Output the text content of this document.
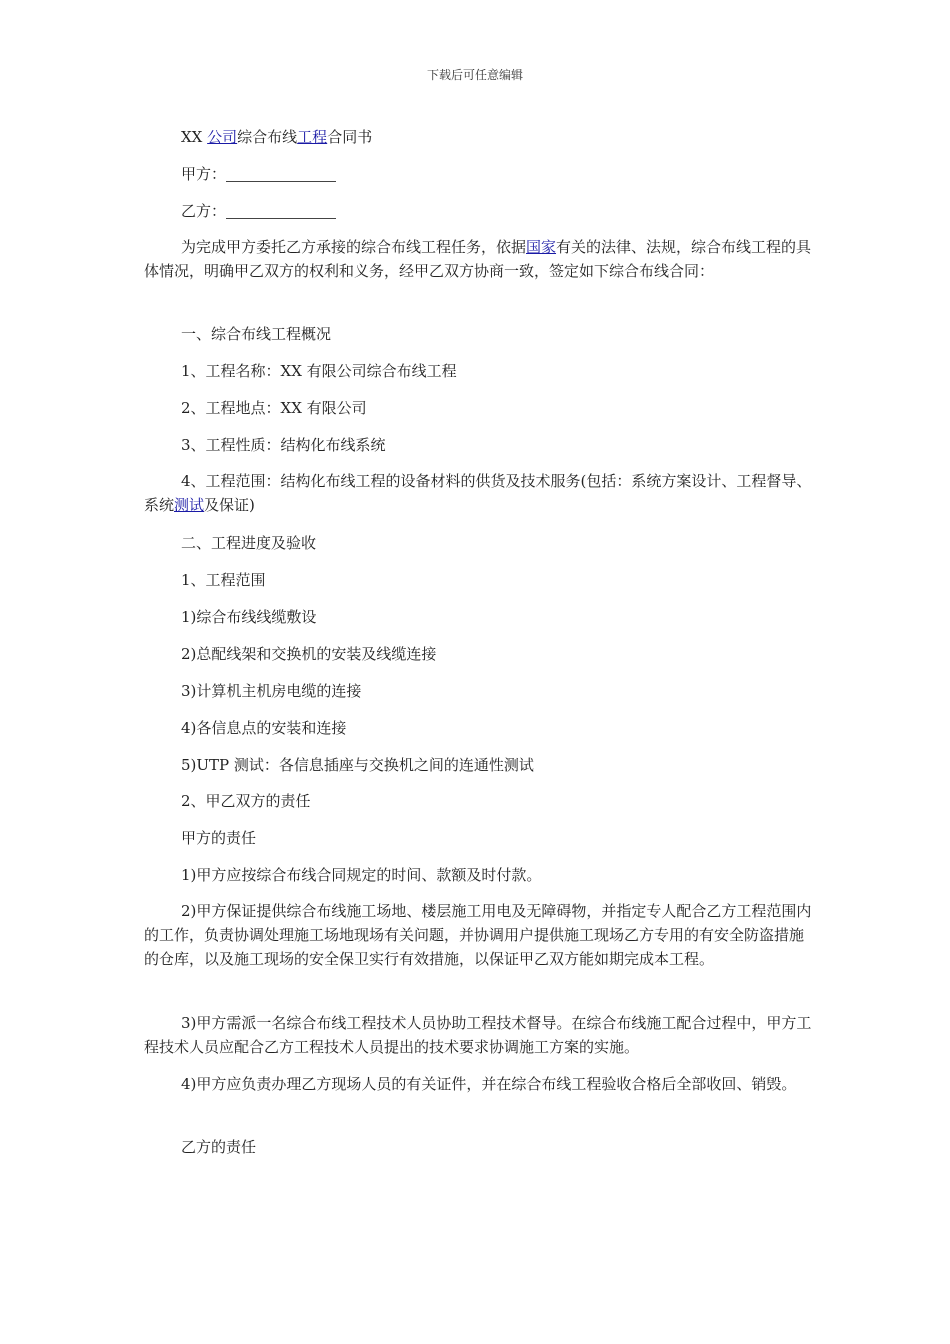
下载后可任意编辑

XX 公司综合布线工程合同书

甲方：

乙方：

为完成甲方委托乙方承接的综合布线工程任务，依据国家有关的法律、法规，综合布线工程的具体情况，明确甲乙双方的权利和义务，经甲乙双方协商一致，签定如下综合布线合同：

一、综合布线工程概况

1、工程名称：XX 有限公司综合布线工程

2、工程地点：XX 有限公司

3、工程性质：结构化布线系统

4、工程范围：结构化布线工程的设备材料的供货及技术服务(包括：系统方案设计、工程督导、系统测试及保证)

二、工程进度及验收

1、工程范围

1)综合布线线缆敷设

2)总配线架和交换机的安装及线缆连接

3)计算机主机房电缆的连接

4)各信息点的安装和连接

5)UTP 测试：各信息插座与交换机之间的连通性测试

2、甲乙双方的责任

甲方的责任

1)甲方应按综合布线合同规定的时间、款额及时付款。

2)甲方保证提供综合布线施工场地、楼层施工用电及无障碍物，并指定专人配合乙方工程范围内的工作，负责协调处理施工场地现场有关问题，并协调用户提供施工现场乙方专用的有安全防盗措施的仓库，以及施工现场的安全保卫实行有效措施，以保证甲乙双方能如期完成本工程。

3)甲方需派一名综合布线工程技术人员协助工程技术督导。在综合布线施工配合过程中，甲方工程技术人员应配合乙方工程技术人员提出的技术要求协调施工方案的实施。

4)甲方应负责办理乙方现场人员的有关证件，并在综合布线工程验收合格后全部收回、销毁。

乙方的责任
